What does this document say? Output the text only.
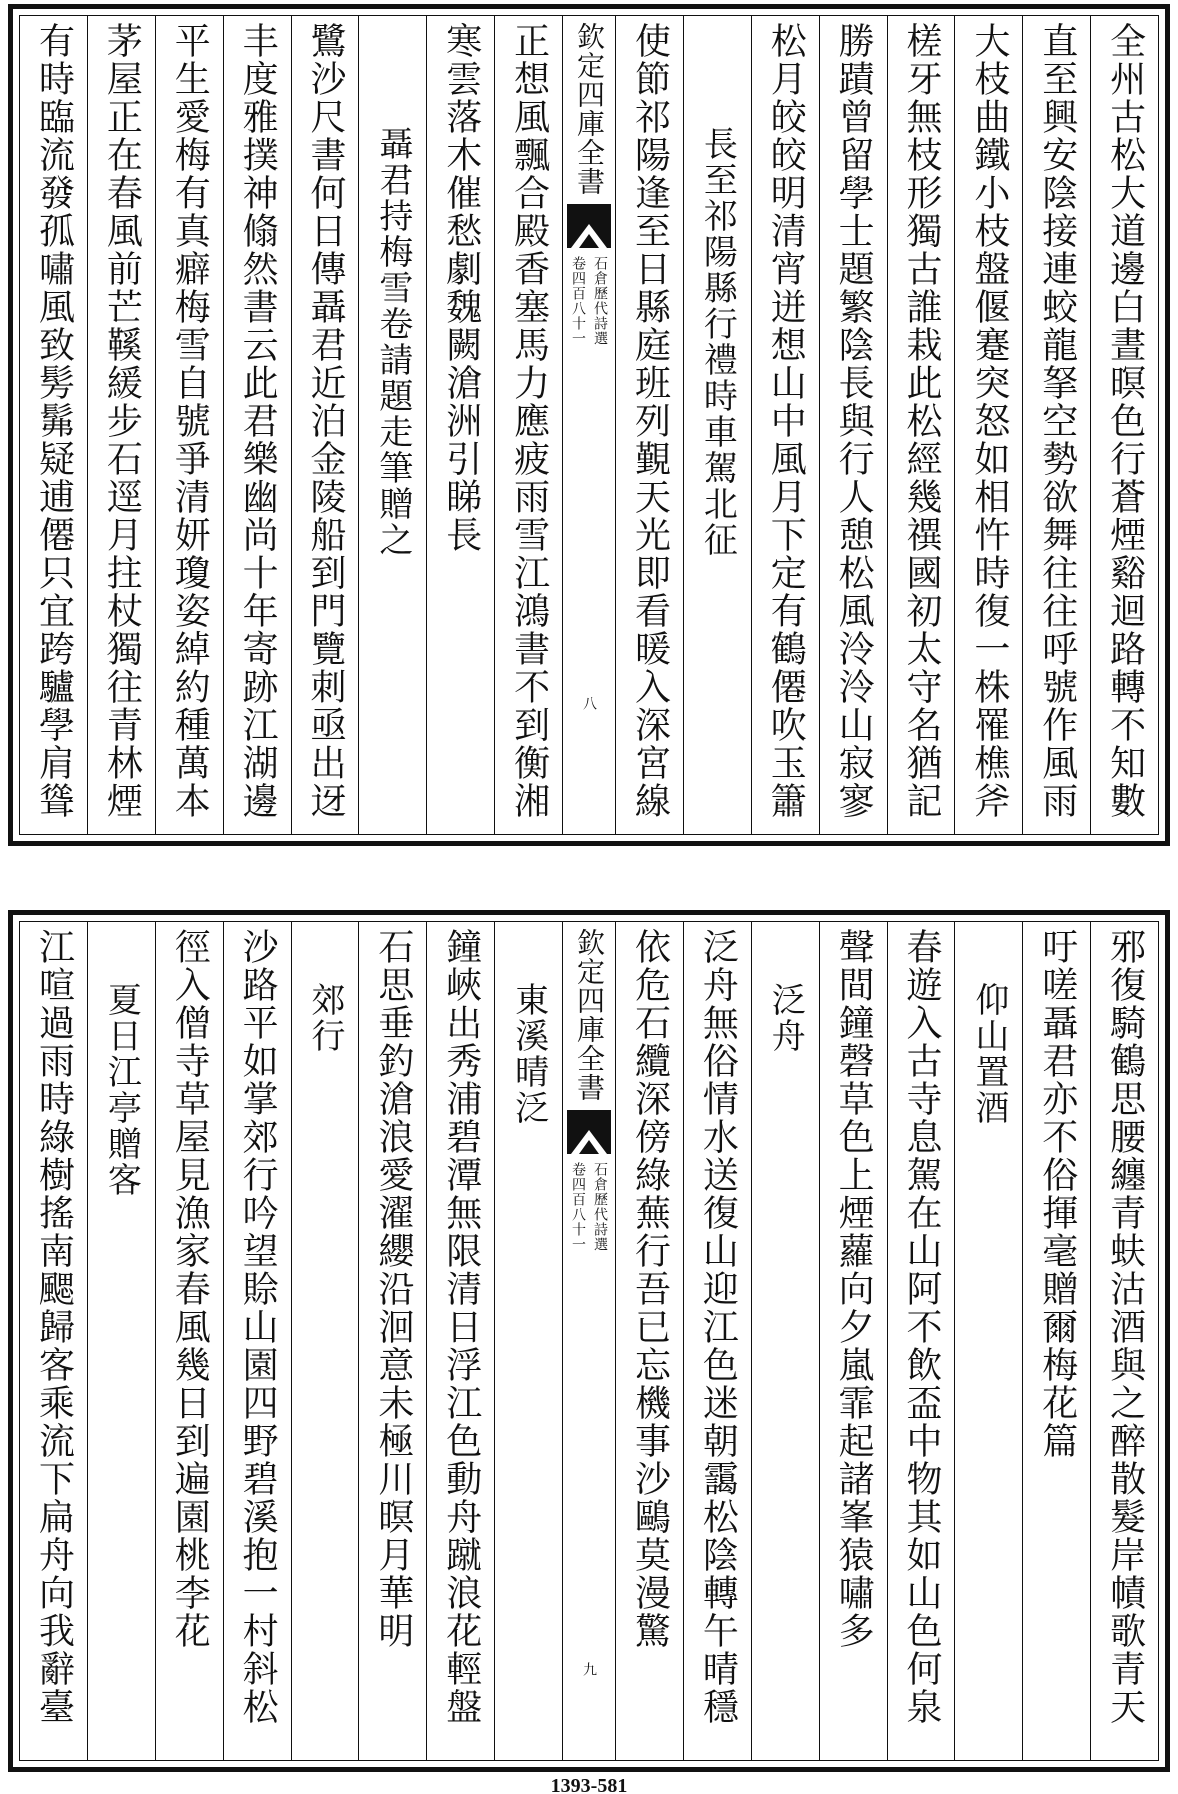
全州古松大道邊白晝暝色行蒼煙谿迴路轉不知數
直至興安陰接連蛟龍拏空勢欲舞往往呼號作風雨
大枝曲鐵小枝盤偃蹇突怒如相忤時復一株罹樵斧
槎牙無枝形獨古誰栽此松經幾禩國初太守名猶記
勝蹟曾留學士題繁陰長與行人憩松風泠泠山寂寥
松月皎皎明清宵迸想山中風月下定有鶴僊吹玉簫
長至祁陽縣行禮時車駕北征
使節祁陽逢至日縣庭班列覲天光即看暖入深宮線
欽定四庫全書
石倉歷代詩選
卷四百八十一
八
正想風飄合殿香塞馬力應疲雨雪江鴻書不到衡湘
寒雲落木催愁劇魏闕滄洲引睇長
聶君持梅雪卷請題走筆贈之
鷺沙尺書何日傳聶君近泊金陵船到門覽刺亟出迓
丰度雅撲神翛然書云此君樂幽尚十年寄跡江湖邊
平生愛梅有真癖梅雪自號爭清妍瓊姿綽約種萬本
茅屋正在春風前芒鞵緩步石逕月拄杖獨往青林煙
有時臨流發孤嘯風致髣髴疑逋僊只宜跨驢學肩聳
邪復騎鶴思腰纏青蚨沽酒與之醉散髮岸幘歌青天
吁嗟聶君亦不俗揮毫贈爾梅花篇
仰山置酒
春遊入古寺息駕在山阿不飲盃中物其如山色何泉
聲間鐘磬草色上煙蘿向夕嵐霏起諸峯猿嘯多
泛舟
泛舟無俗情水送復山迎江色迷朝靄松陰轉午晴穩
依危石纜深傍綠蕪行吾已忘機事沙鷗莫漫驚
欽定四庫全書
石倉歷代詩選
卷四百八十一
九
東溪晴泛
鐘峽出秀浦碧潭無限清日浮江色動舟蹴浪花輕盤
石思垂釣滄浪愛濯纓沿洄意未極川暝月華明
郊行
沙路平如掌郊行吟望賒山園四野碧溪抱一村斜松
徑入僧寺草屋見漁家春風幾日到遍園桃李花
夏日江亭贈客
江喧過雨時綠樹搖南颸歸客乘流下扁舟向我辭臺
1393-581
